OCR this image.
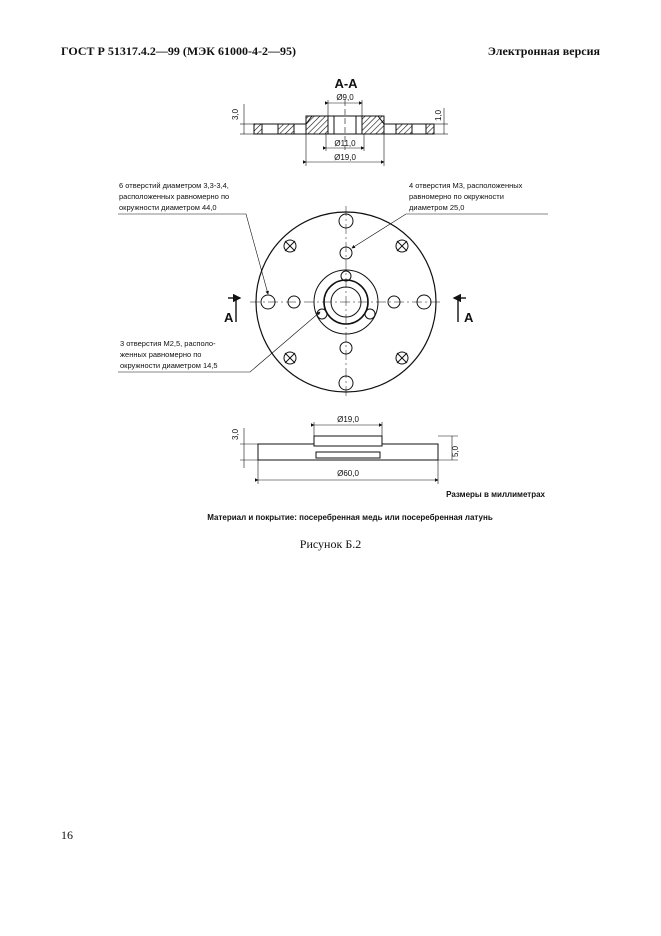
ГОСТ Р 51317.4.2—99 (МЭК 61000-4-2—95)	Электронная версия
A-A
Ø9,0
Ø11,0
Ø19,0
3,0	1,0
6 отверстий диаметром 3,3-3,4,
расположенных равномерно по
окружности диаметром 44,0
4 отверстия М3, расположенных
равномерно по окружности
диаметром 25,0
3 отверстия М2,5, располо-
женных равномерно по
окружности диаметром 14,5
A	A
Ø19,0
Ø60,0
3,0
5,0
Размеры в миллиметрах
Материал и покрытие: посеребренная медь или посеребренная латунь
Рисунок Б.2
16
